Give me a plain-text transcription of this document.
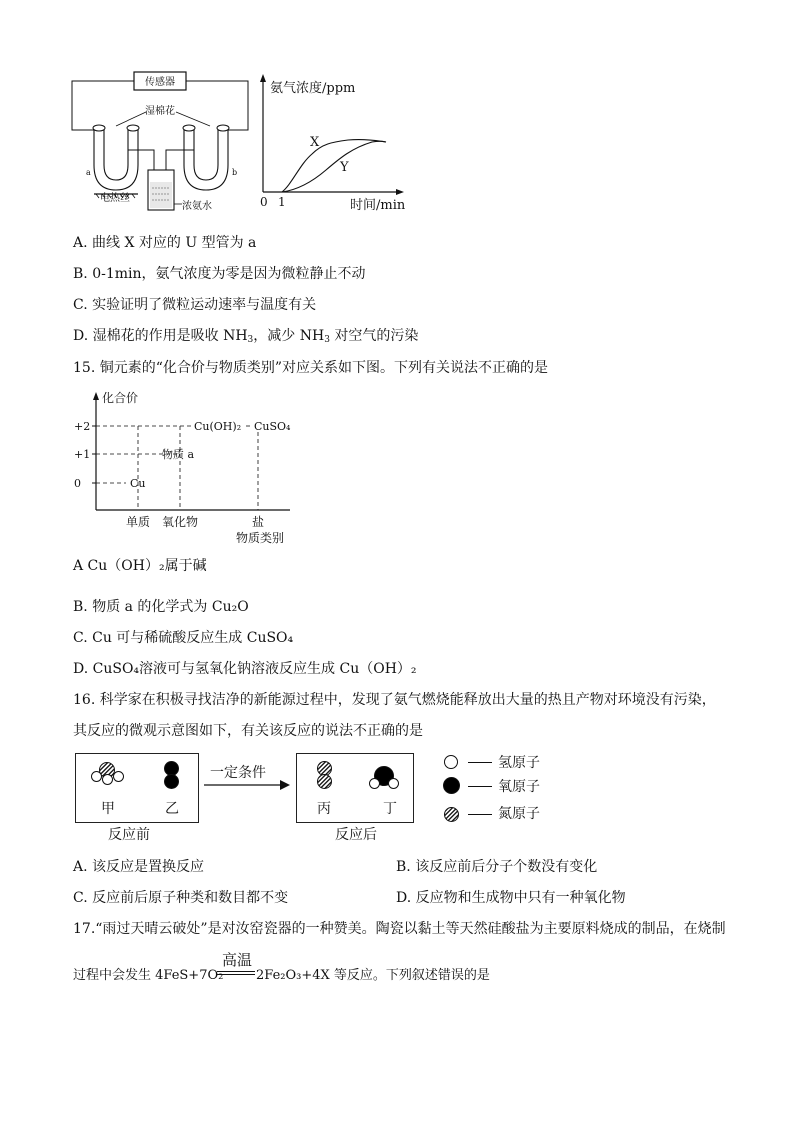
传感器
湿棉花
a	b
电热丝
浓氨水
氨气浓度/ppm
时间/min
0 1
X
Y
A. 曲线 X 对应的 U 型管为 a
B. 0-1min，氨气浓度为零是因为微粒静止不动
C. 实验证明了微粒运动速率与温度有关
D. 湿棉花的作用是吸收 $NH_3$，减少 $NH_3$ 对空气的污染
15. 铜元素的“化合价与物质类别”对应关系如下图。下列有关说法不正确的是
化合价
+2
+1
0	Cu
物质 a
Cu(OH)₂ CuSO₄
单质 氧化物	盐
物质类别
A Cu（OH）₂属于碱
B. 物质 a 的化学式为 Cu₂O
C. Cu 可与稀硫酸反应生成 CuSO₄
D. CuSO₄溶液可与氢氧化钠溶液反应生成 Cu（OH）₂
16. 科学家在积极寻找洁净的新能源过程中，发现了氨气燃烧能释放出大量的热且产物对环境没有污染，
其反应的微观示意图如下，有关该反应的说法不正确的是
甲	乙
反应前
一定条件
丙	丁
反应后
氢原子
氧原子
氮原子
A. 该反应是置换反应	B. 该反应前后分子个数没有变化
C. 反应前后原子种类和数目都不变	D. 反应物和生成物中只有一种氧化物
17.“雨过天晴云破处”是对汝窑瓷器的一种赞美。陶瓷以黏土等天然硅酸盐为主要原料烧成的制品，在烧制
高温
过程中会发生 4FeS+7O₂	2Fe₂O₃+4X 等反应。下列叙述错误的是
